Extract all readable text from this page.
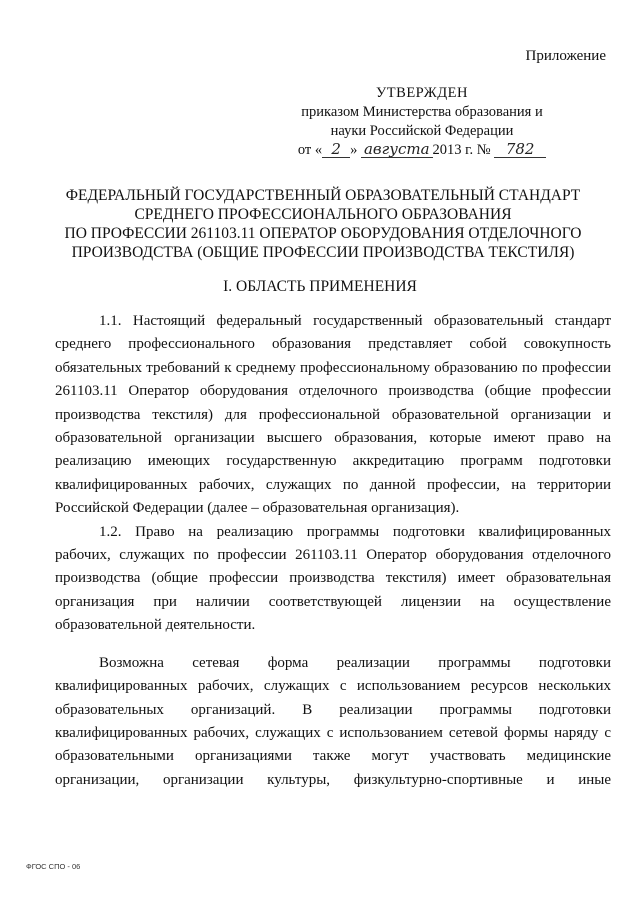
Приложение
УТВЕРЖДЕН
приказом Министерства образования и
науки Российской Федерации
от « 2 » августа 2013 г. № 782
ФЕДЕРАЛЬНЫЙ ГОСУДАРСТВЕННЫЙ ОБРАЗОВАТЕЛЬНЫЙ СТАНДАРТ
СРЕДНЕГО ПРОФЕССИОНАЛЬНОГО ОБРАЗОВАНИЯ
ПО ПРОФЕССИИ 261103.11 ОПЕРАТОР ОБОРУДОВАНИЯ ОТДЕЛОЧНОГО
ПРОИЗВОДСТВА (ОБЩИЕ ПРОФЕССИИ ПРОИЗВОДСТВА ТЕКСТИЛЯ)
I. ОБЛАСТЬ ПРИМЕНЕНИЯ

1.1. Настоящий федеральный государственный образовательный стандарт среднего профессионального образования представляет собой совокупность обязательных требований к среднему профессиональному образованию по профессии 261103.11 Оператор оборудования отделочного производства (общие профессии производства текстиля) для профессиональной образовательной организации и образовательной организации высшего образования, которые имеют право на реализацию имеющих государственную аккредитацию программ подготовки квалифицированных рабочих, служащих по данной профессии, на территории Российской Федерации (далее – образовательная организация).

1.2. Право на реализацию программы подготовки квалифицированных рабочих, служащих по профессии 261103.11 Оператор оборудования отделочного производства (общие профессии производства текстиля) имеет образовательная организация при наличии соответствующей лицензии на осуществление образовательной деятельности.

Возможна сетевая форма реализации программы подготовки квалифицированных рабочих, служащих с использованием ресурсов нескольких образовательных организаций. В реализации программы подготовки квалифицированных рабочих, служащих с использованием сетевой формы наряду с образовательными организациями также могут участвовать медицинские организации, организации культуры, физкультурно-спортивные и иные

ФГОС СПО - 06
